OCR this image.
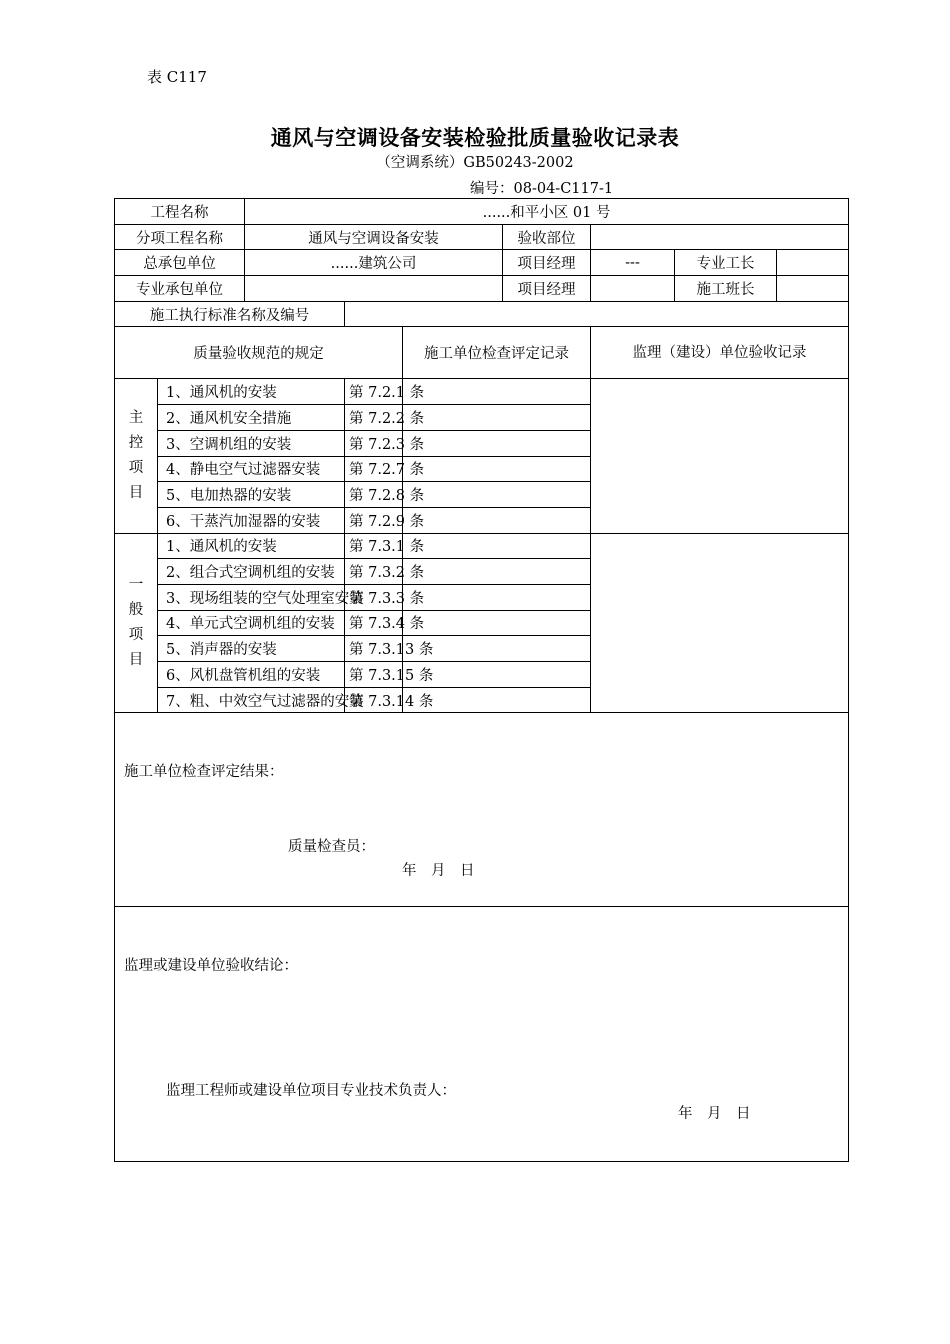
表 C117
通风与空调设备安装检验批质量验收记录表
（空调系统）GB50243-2002
编号：08-04-C117-1
工程名称		......和平小区 01 号						
分项工程名称		通风与空调设备安装			验收部位			
总承包单位		......建筑公司			项目经理	---	专业工长	
专业承包单位					项目经理		施工班长	
施工执行标准名称及编号								
质量验收规范的规定				施工单位检查评定记录		监理（建设）单位验收记录		

主
控
项
目	1、通风机的安装		第 7.2.1 条					
	2、通风机安全措施		第 7.2.2 条					
	3、空调机组的安装		第 7.2.3 条					
	4、静电空气过滤器安装		第 7.2.7 条					
	5、电加热器的安装		第 7.2.8 条					
	6、干蒸汽加湿器的安装		第 7.2.9 条					

一
般
项
目	1、通风机的安装		第 7.3.1 条					
	2、组合式空调机组的安装		第 7.3.2 条					
	3、现场组装的空气处理室安装		第 7.3.3 条					
	4、单元式空调机组的安装		第 7.3.4 条					
	5、消声器的安装		第 7.3.13 条					
	6、风机盘管机组的安装		第 7.3.15 条					
	7、粗、中效空气过滤器的安装		第 7.3.14 条					

施工单位检查评定结果：
质量检查员：
年　月　日								

监理或建设单位验收结论：
监理工程师或建设单位项目专业技术负责人：
年　月　日								
